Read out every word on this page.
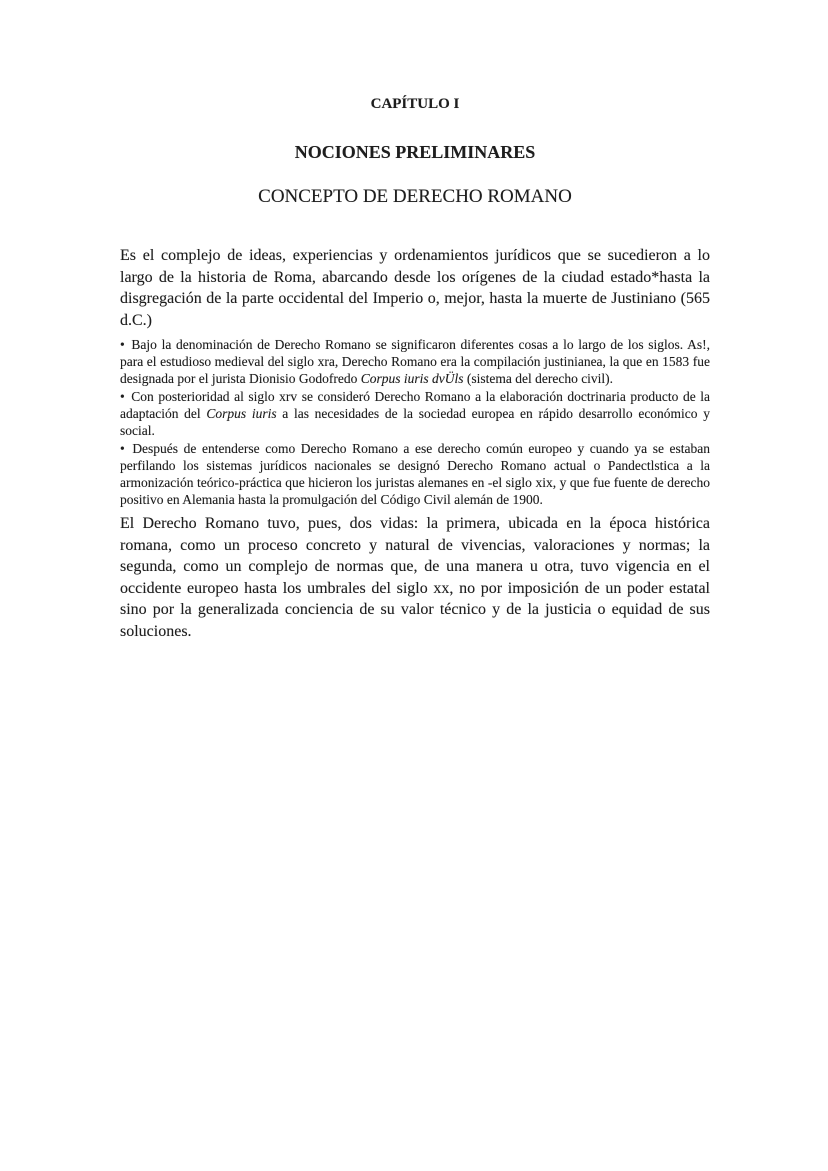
CAPÍTULO I
NOCIONES PRELIMINARES
CONCEPTO DE DERECHO ROMANO

Es el complejo de ideas, experiencias y ordenamientos jurídicos que se sucedieron a lo largo de la historia de Roma, abarcando desde los orígenes de la ciudad estado*hasta la disgregación de la parte occidental del Imperio o, mejor, hasta la muerte de Justiniano (565 d.C.)

• Bajo la denominación de Derecho Romano se significaron diferentes cosas a lo largo de los siglos. As!, para el estudioso medieval del siglo xra, Derecho Romano era la compilación justinianea, la que en 1583 fue designada por el jurista Dionisio Godofredo Corpus iuris dvÜls (sistema del derecho civil).

• Con posterioridad al siglo xrv se consideró Derecho Romano a la elaboración doctrinaria producto de la adaptación del Corpus iuris a las necesidades de la sociedad europea en rápido desarrollo económico y social.

• Después de entenderse como Derecho Romano a ese derecho común europeo y cuando ya se estaban perfilando los sistemas jurídicos nacionales se designó Derecho Romano actual o Pandectlstica a la armonización teórico-práctica que hicieron los juristas alemanes en -el siglo xix, y que fue fuente de derecho positivo en Alemania hasta la promulgación del Código Civil alemán de 1900.

El Derecho Romano tuvo, pues, dos vidas: la primera, ubicada en la época histórica romana, como un proceso concreto y natural de vivencias, valoraciones y normas; la segunda, como un complejo de normas que, de una manera u otra, tuvo vigencia en el occidente europeo hasta los umbrales del siglo xx, no por imposición de un poder estatal sino por la generalizada conciencia de su valor técnico y de la justicia o equidad de sus soluciones.
